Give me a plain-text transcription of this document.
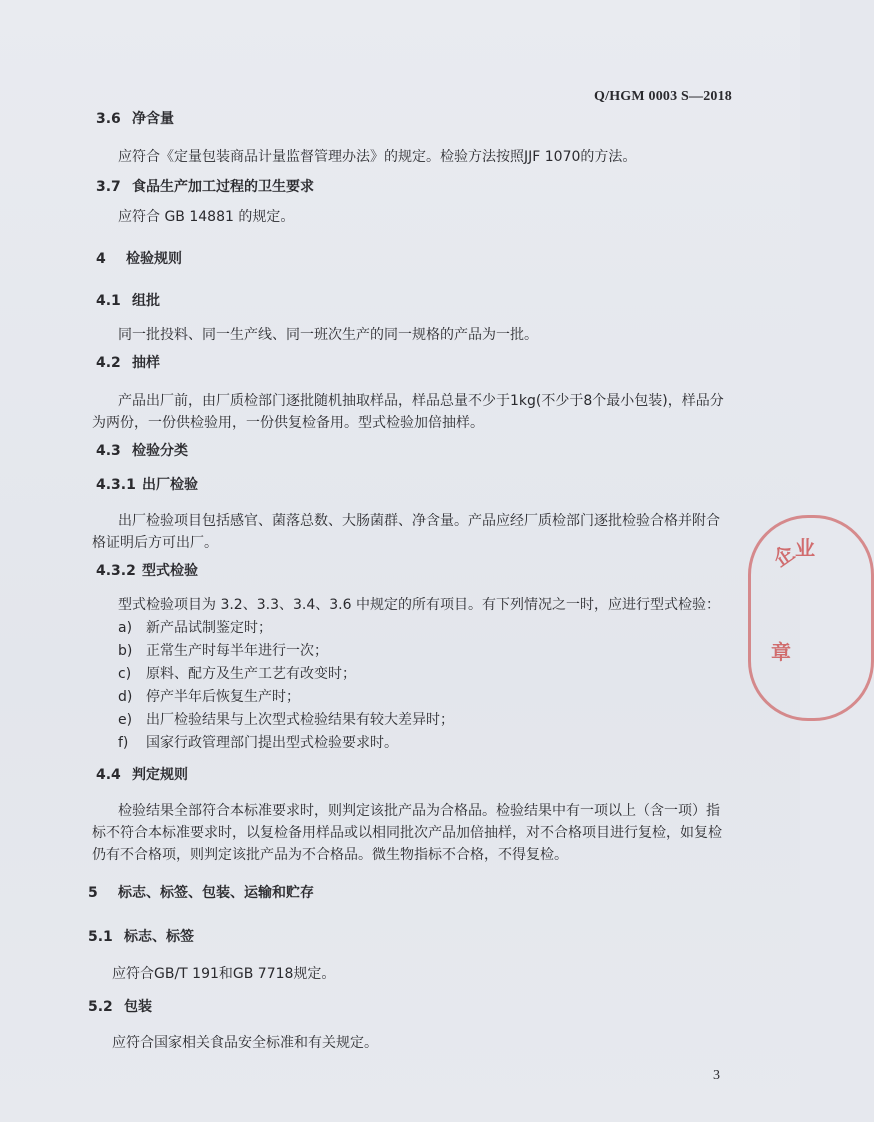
Q/HGM 0003 S—2018
3.6 净含量
应符合《定量包装商品计量监督管理办法》的规定。检验方法按照JJF 1070的方法。
3.7 食品生产加工过程的卫生要求
应符合 GB 14881 的规定。
4 检验规则
4.1 组批
同一批投料、同一生产线、同一班次生产的同一规格的产品为一批。
4.2 抽样
产品出厂前，由厂质检部门逐批随机抽取样品，样品总量不少于1kg(不少于8个最小包装)，样品分
为两份，一份供检验用，一份供复检备用。型式检验加倍抽样。
4.3 检验分类
4.3.1 出厂检验
出厂检验项目包括感官、菌落总数、大肠菌群、净含量。产品应经厂质检部门逐批检验合格并附合
格证明后方可出厂。
4.3.2 型式检验
型式检验项目为 3.2、3.3、3.4、3.6 中规定的所有项目。有下列情况之一时，应进行型式检验：
a) 新产品试制鉴定时；
b) 正常生产时每半年进行一次；
c) 原料、配方及生产工艺有改变时；
d) 停产半年后恢复生产时；
e) 出厂检验结果与上次型式检验结果有较大差异时；
f) 国家行政管理部门提出型式检验要求时。
4.4 判定规则
检验结果全部符合本标准要求时，则判定该批产品为合格品。检验结果中有一项以上（含一项）指
标不符合本标准要求时，以复检备用样品或以相同批次产品加倍抽样，对不合格项目进行复检，如复检
仍有不合格项，则判定该批产品为不合格品。微生物指标不合格，不得复检。
5 标志、标签、包装、运输和贮存
5.1 标志、标签
应符合GB/T 191和GB 7718规定。
5.2 包装
应符合国家相关食品安全标准和有关规定。
3
企
业
章
